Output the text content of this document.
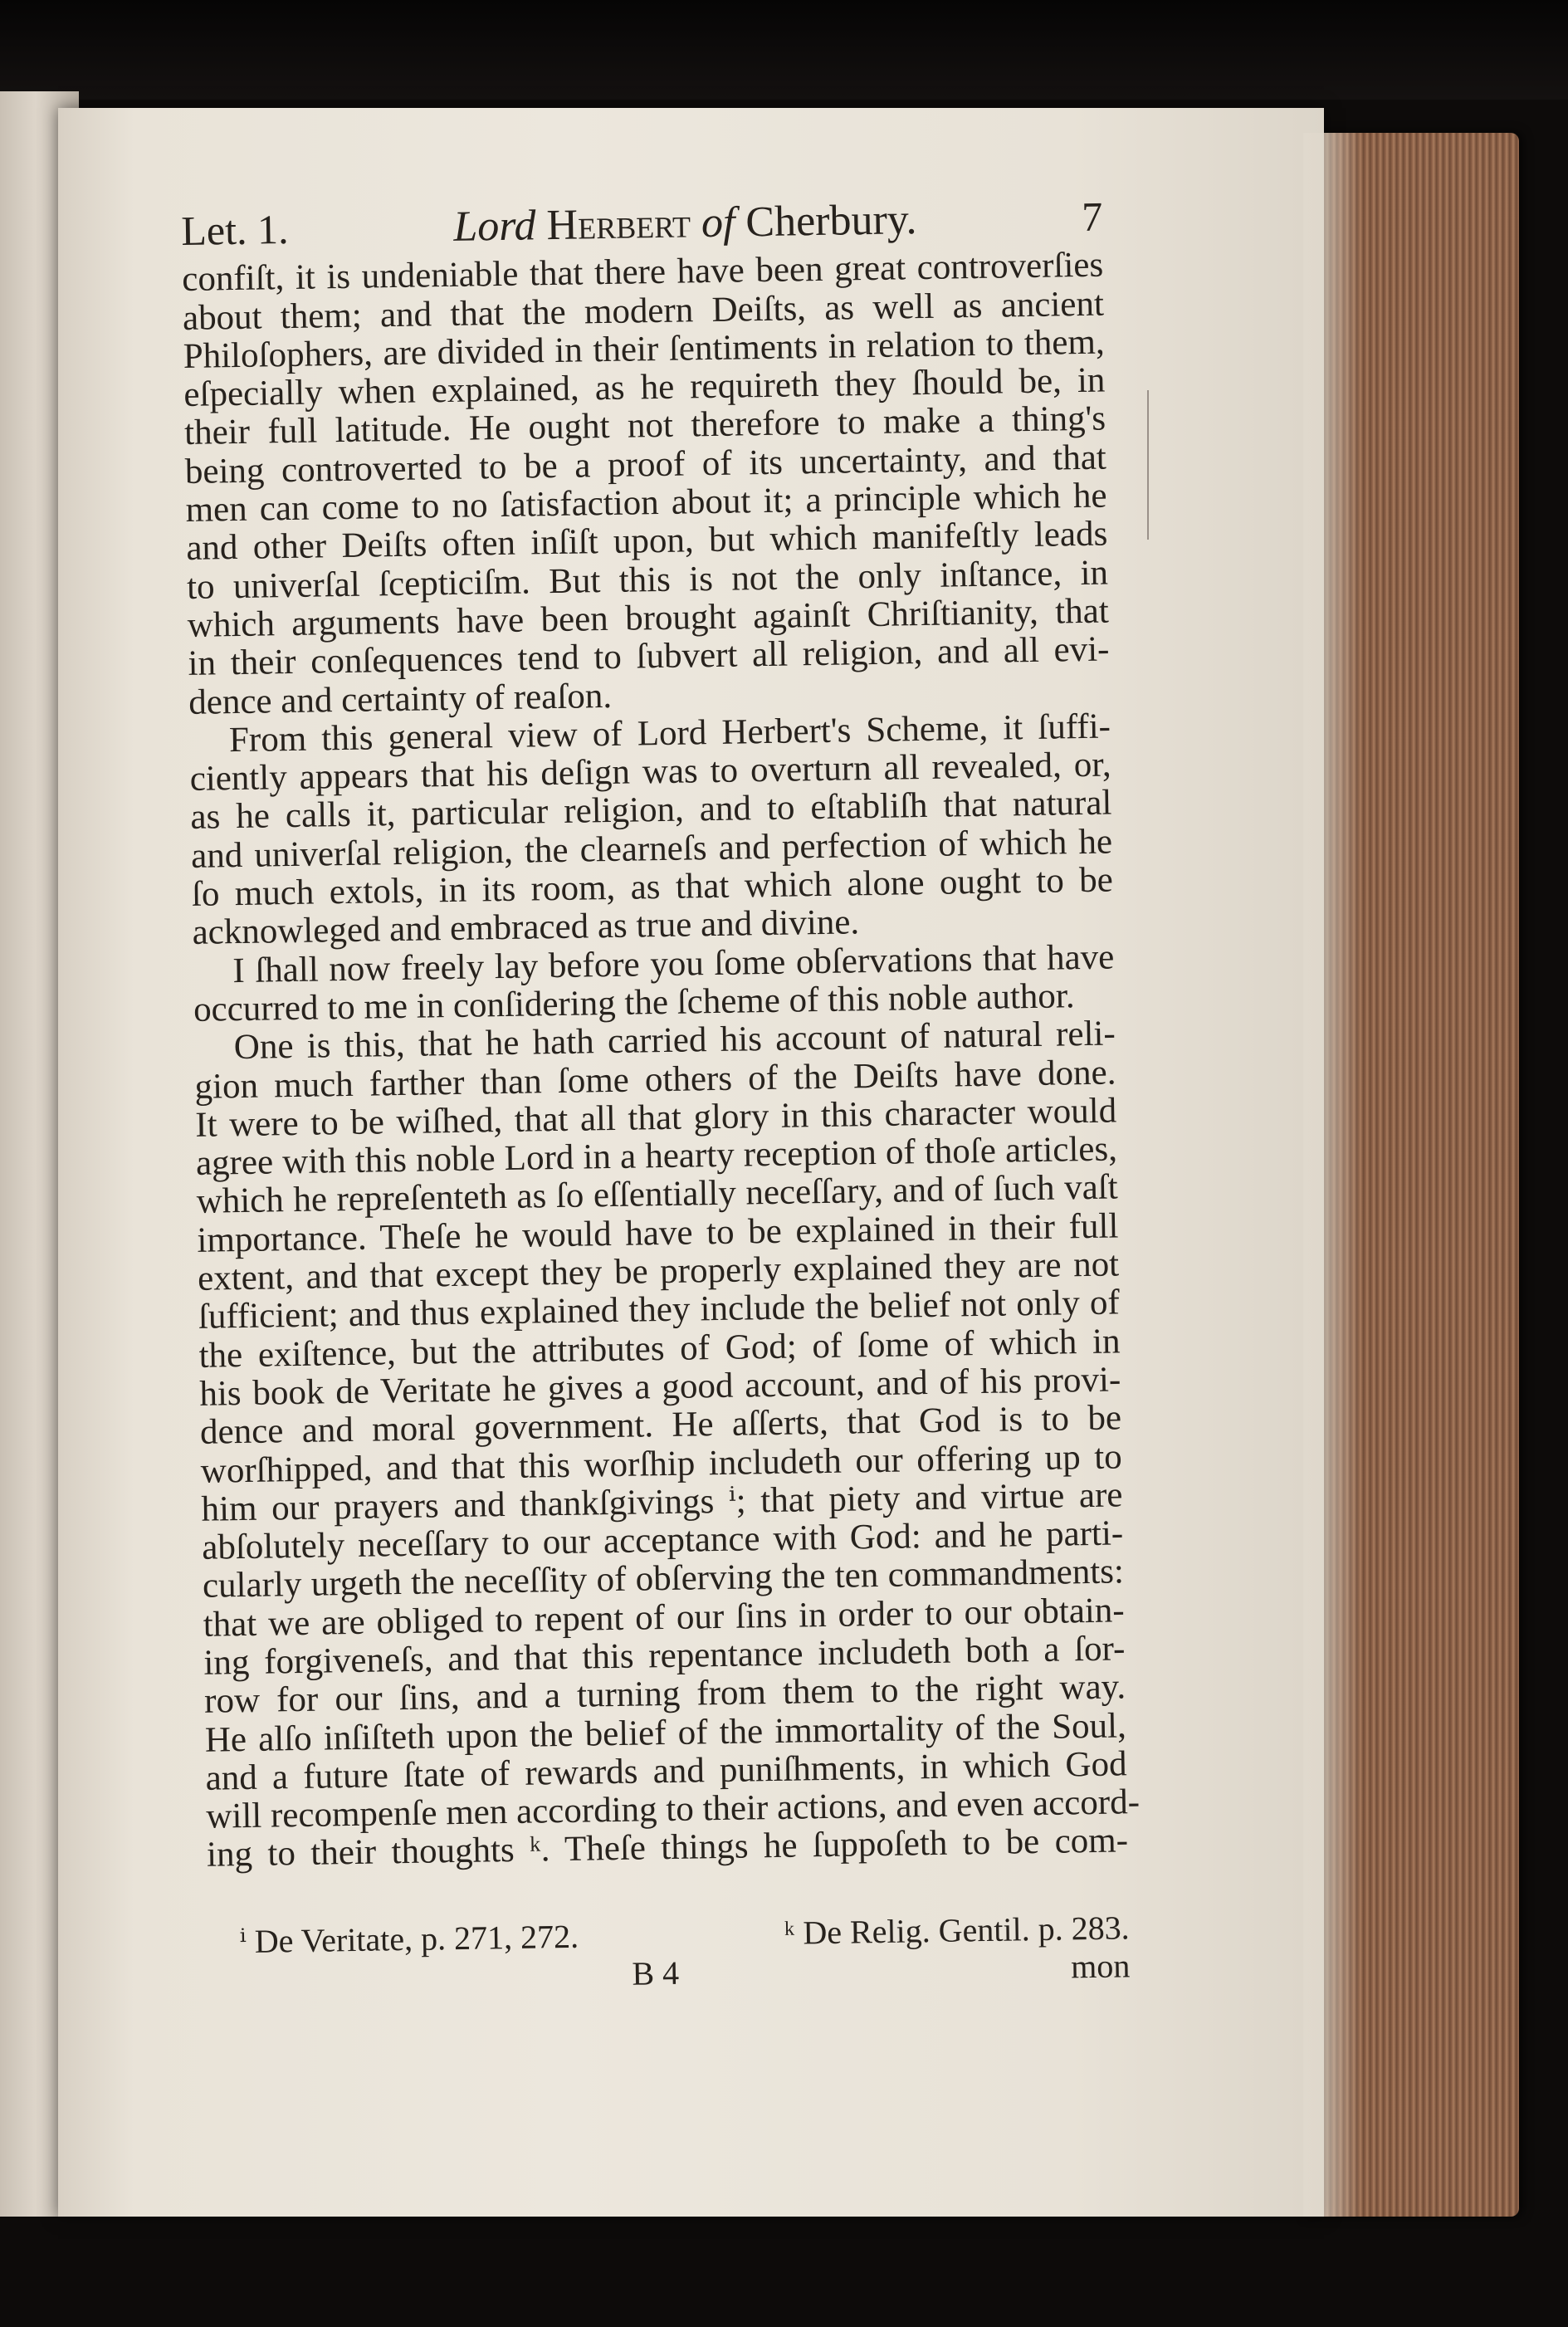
Let. 1.	Lord Herbert of Cherbury.	7
confiſt, it is undeniable that there have been great controverſies
about them; and that the modern Deiſts, as well as ancient
Philoſophers, are divided in their ſentiments in relation to them,
eſpecially when explained, as he requireth they ſhould be, in
their full latitude. He ought not therefore to make a thing's
being controverted to be a proof of its uncertainty, and that
men can come to no ſatisfaction about it; a principle which he
and other Deiſts often inſiſt upon, but which manifeſtly leads
to univerſal ſcepticiſm. But this is not the only inſtance, in
which arguments have been brought againſt Chriſtianity, that
in their conſequences tend to ſubvert all religion, and all evi-
dence and certainty of reaſon.
From this general view of Lord Herbert's Scheme, it ſuffi-
ciently appears that his deſign was to overturn all revealed, or,
as he calls it, particular religion, and to eſtabliſh that natural
and univerſal religion, the clearneſs and perfection of which he
ſo much extols, in its room, as that which alone ought to be
acknowleged and embraced as true and divine.
I ſhall now freely lay before you ſome obſervations that have
occurred to me in conſidering the ſcheme of this noble author.
One is this, that he hath carried his account of natural reli-
gion much farther than ſome others of the Deiſts have done.
It were to be wiſhed, that all that glory in this character would
agree with this noble Lord in a hearty reception of thoſe articles,
which he repreſenteth as ſo eſſentially neceſſary, and of ſuch vaſt
importance. Theſe he would have to be explained in their full
extent, and that except they be properly explained they are not
ſufficient; and thus explained they include the belief not only of
the exiſtence, but the attributes of God; of ſome of which in
his book de Veritate he gives a good account, and of his provi-
dence and moral government. He aſſerts, that God is to be
worſhipped, and that this worſhip includeth our offering up to
him our prayers and thankſgivings ⁱ; that piety and virtue are
abſolutely neceſſary to our acceptance with God: and he parti-
cularly urgeth the neceſſity of obſerving the ten commandments:
that we are obliged to repent of our ſins in order to our obtain-
ing forgiveneſs, and that this repentance includeth both a ſor-
row for our ſins, and a turning from them to the right way.
He alſo inſiſteth upon the belief of the immortality of the Soul,
and a future ſtate of rewards and puniſhments, in which God
will recompenſe men according to their actions, and even accord-
ing to their thoughts ᵏ. Theſe things he ſuppoſeth to be com-
ⁱ De Veritate, p. 271, 272.	ᵏ De Relig. Gentil. p. 283.
B 4	mon
